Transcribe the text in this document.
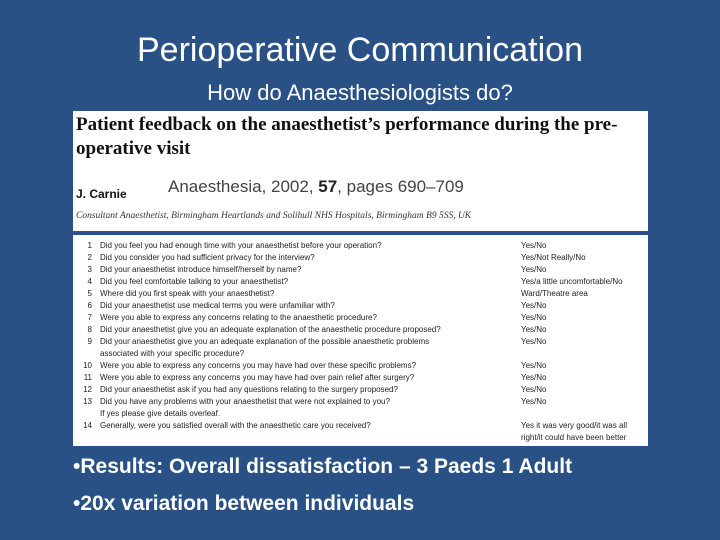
Perioperative Communication
How do Anaesthesiologists do?
Patient feedback on the anaesthetist’s performance during the pre-operative visit
Anaesthesia, 2002, 57, pages 690–709
J. Carnie
Consultant Anaesthetist, Birmingham Heartlands and Solihull NHS Hospitals, Birmingham B9 5SS, UK
1 Did you feel you had enough time with your anaesthetist before your operation?	Yes/No
2 Did you consider you had sufficient privacy for the interview?	Yes/Not Really/No
3 Did your anaesthetist introduce himself/herself by name?	Yes/No
4 Did you feel comfortable talking to your anaesthetist?	Yes/a little uncomfortable/No
5 Where did you first speak with your anaesthetist?	Ward/Theatre area
6 Did your anaesthetist use medical terms you were unfamiliar with?	Yes/No
7 Were you able to express any concerns relating to the anaesthetic procedure?	Yes/No
8 Did your anaesthetist give you an adequate explanation of the anaesthetic procedure proposed?	Yes/No
9 Did your anaesthetist give you an adequate explanation of the possible anaesthetic problems	Yes/No
associated with your specific procedure?
10 Were you able to express any concerns you may have had over these specific problems?	Yes/No
11 Were you able to express any concerns you may have had over pain relief after surgery?	Yes/No
12 Did your anaesthetist ask if you had any questions relating to the surgery proposed?	Yes/No
13 Did you have any problems with your anaesthetist that were not explained to you?	Yes/No
If yes please give details overleaf.
14 Generally, were you satisfied overall with the anaesthetic care you received?	Yes it was very good/it was all
right/it could have been better
•Results: Overall dissatisfaction – 3 Paeds 1 Adult
•20x variation between individuals
